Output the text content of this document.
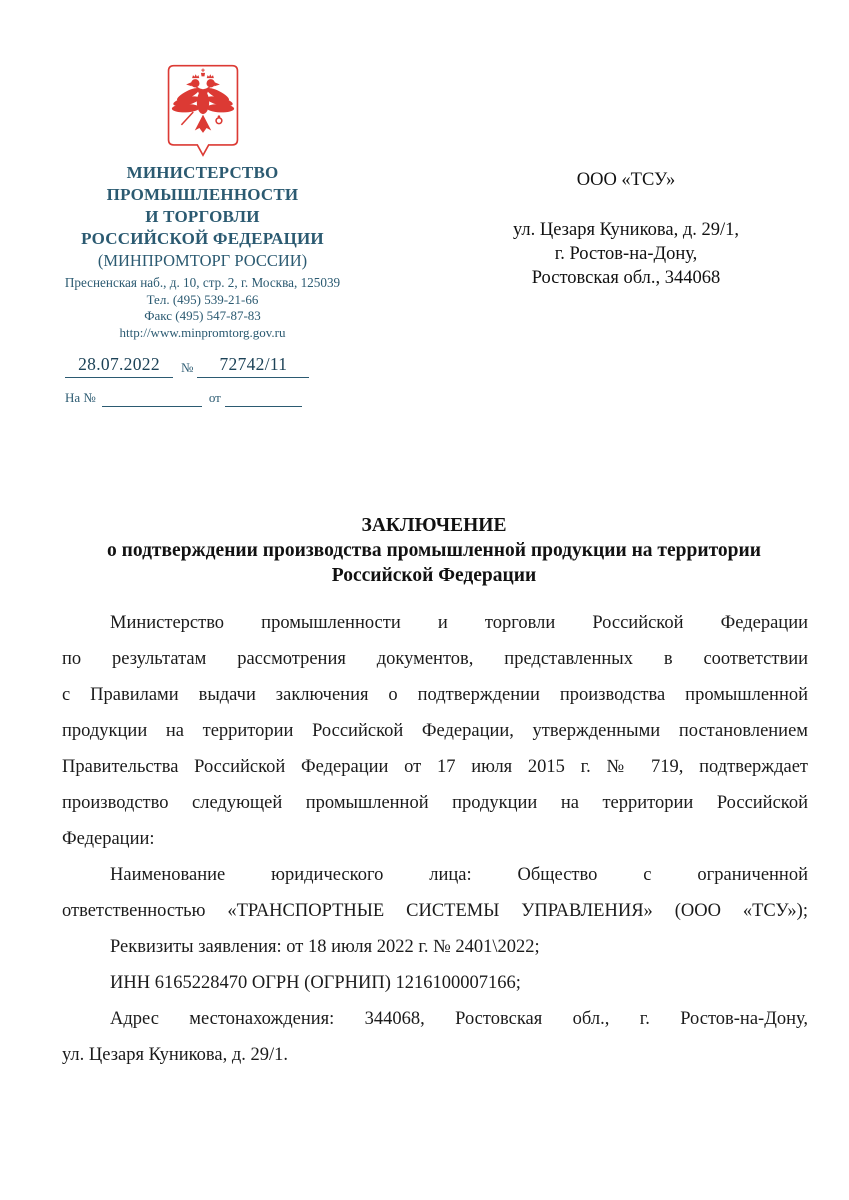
МИНИСТЕРСТВО
ПРОМЫШЛЕННОСТИ
И ТОРГОВЛИ
РОССИЙСКОЙ ФЕДЕРАЦИИ
(МИНПРОМТОРГ РОССИИ)
Пресненская наб., д. 10, стр. 2, г. Москва, 125039
Тел. (495) 539-21-66
Факс (495) 547-87-83
http://www.minpromtorg.gov.ru
28.07.2022	№	72742/11
На №	от
ООО «ТСУ»
ул. Цезаря Куникова, д. 29/1,
г. Ростов-на-Дону,
Ростовская обл., 344068
ЗАКЛЮЧЕНИЕ
о подтверждении производства промышленной продукции на территории
Российской Федерации
Министерство промышленности и торговли Российской Федерации
по результатам рассмотрения документов, представленных в соответствии
с Правилами выдачи заключения о подтверждении производства промышленной
продукции на территории Российской Федерации, утвержденными постановлением
Правительства Российской Федерации от 17 июля 2015 г. № 719, подтверждает
производство следующей промышленной продукции на территории Российской
Федерации:
Наименование юридического лица: Общество с ограниченной
ответственностью «ТРАНСПОРТНЫЕ СИСТЕМЫ УПРАВЛЕНИЯ» (ООО «ТСУ»);
Реквизиты заявления: от 18 июля 2022 г. № 2401\2022;
ИНН 6165228470 ОГРН (ОГРНИП) 1216100007166;
Адрес местонахождения: 344068, Ростовская обл., г. Ростов-на-Дону,
ул. Цезаря Куникова, д. 29/1.
